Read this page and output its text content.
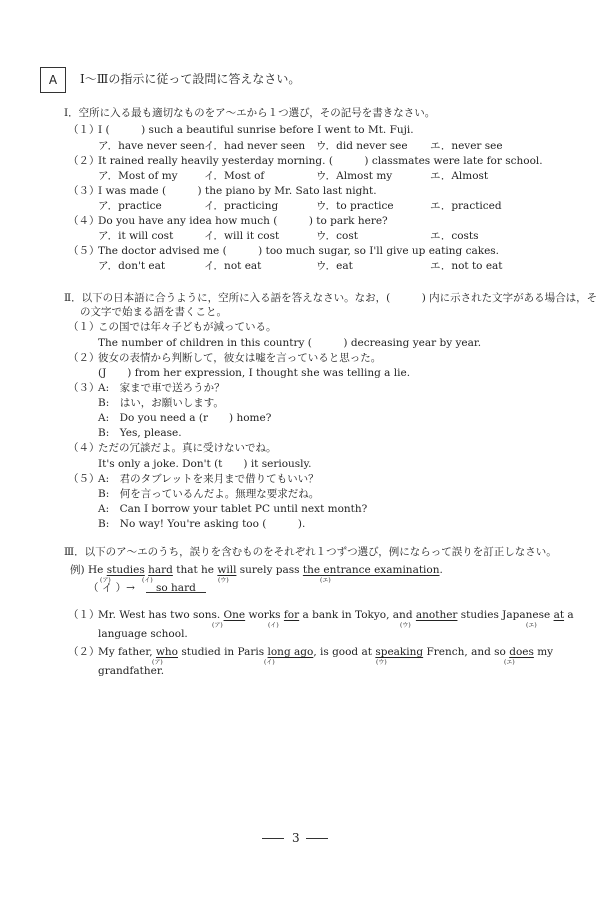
A	Ⅰ～Ⅲの指示に従って設問に答えなさい。
Ⅰ．空所に入る最も適切なものをア～エから１つ選び，その記号を書きなさい。
（１）
I (　　　) such a beautiful sunrise before I went to Mt. Fuji.
ア．have never seen イ．had never seen ウ．did never see エ．never see
（２）
It rained really heavily yesterday morning. (　　　) classmates were late for school.
ア．Most of my	イ．Most of	ウ．Almost my	エ．Almost
（３）
I was made (　　　) the piano by Mr. Sato last night.
ア．practice	イ．practicing	ウ．to practice	エ．practiced
（４）
Do you have any idea how much (　　　) to park here?
ア．it will cost	イ．will it cost	ウ．cost	エ．costs
（５）
The doctor advised me (　　　) too much sugar, so I'll give up eating cakes.
ア．don't eat	イ．not eat	ウ．eat	エ．not to eat
Ⅱ．以下の日本語に合うように，空所に入る語を答えなさい。なお，(　　　) 内に示された文字がある場合は，そ
の文字で始まる語を書くこと。
（１）
この国では年々子どもが減っている。
The number of children in this country (　　　) decreasing year by year.
（２）
彼女の表情から判断して，彼女は嘘を言っていると思った。
(J　　) from her expression, I thought she was telling a lie.
（３）
A:　家まで車で送ろうか？
B:　はい，お願いします。
A:　Do you need a (r　　) home?
B:　Yes, please.
（４）
ただの冗談だよ。真に受けないでね。
It's only a joke. Don't (t　　) it seriously.
（５）
A:　君のタブレットを来月まで借りてもいい？
B:　何を言っているんだよ。無理な要求だね。
A:　Can I borrow your tablet PC until next month?
B:　No way! You're asking too (　　　).
Ⅲ．以下のア～エのうち，誤りを含むものをそれぞれ１つずつ選び，例にならって誤りを訂正しなさい。
例) He studies hard that he will surely pass the entrance examination.
(ア)	(イ)	(ウ)	(エ)
（ イ ）→ so hard
（１）
Mr. West has two sons. One works for a bank in Tokyo, and another studies Japanese at a
(ア)	(イ)	(ウ)	(エ)
language school.
（２）
My father, who studied in Paris long ago, is good at speaking French, and so does my
(ア)	(イ)	(ウ)	(エ)
grandfather.
3
